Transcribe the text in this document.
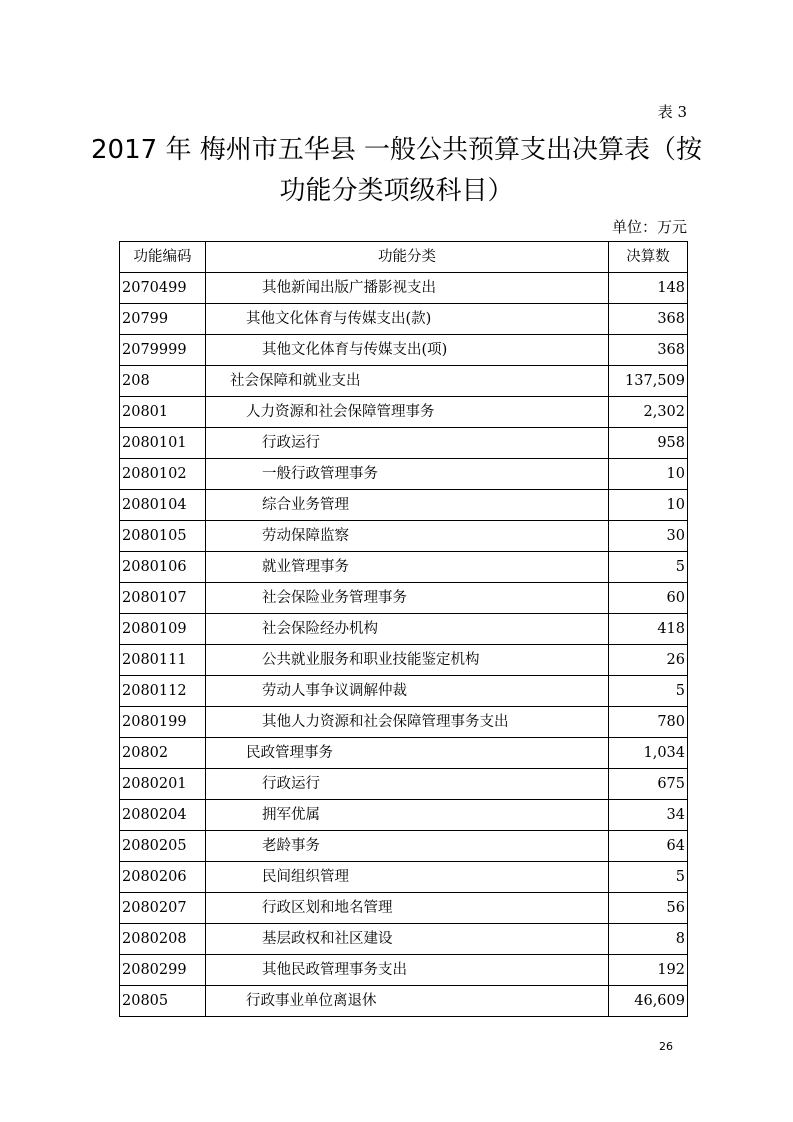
表 3
2017 年 梅州市五华县 一般公共预算支出决算表（按
功能分类项级科目）
单位：万元
功能编码	功能分类	决算数
2070499	其他新闻出版广播影视支出	148
20799	其他文化体育与传媒支出(款)	368
2079999	其他文化体育与传媒支出(项)	368
208	社会保障和就业支出	137,509
20801	人力资源和社会保障管理事务	2,302
2080101	行政运行	958
2080102	一般行政管理事务	10
2080104	综合业务管理	10
2080105	劳动保障监察	30
2080106	就业管理事务	5
2080107	社会保险业务管理事务	60
2080109	社会保险经办机构	418
2080111	公共就业服务和职业技能鉴定机构	26
2080112	劳动人事争议调解仲裁	5
2080199	其他人力资源和社会保障管理事务支出	780
20802	民政管理事务	1,034
2080201	行政运行	675
2080204	拥军优属	34
2080205	老龄事务	64
2080206	民间组织管理	5
2080207	行政区划和地名管理	56
2080208	基层政权和社区建设	8
2080299	其他民政管理事务支出	192
20805	行政事业单位离退休	46,609
26
